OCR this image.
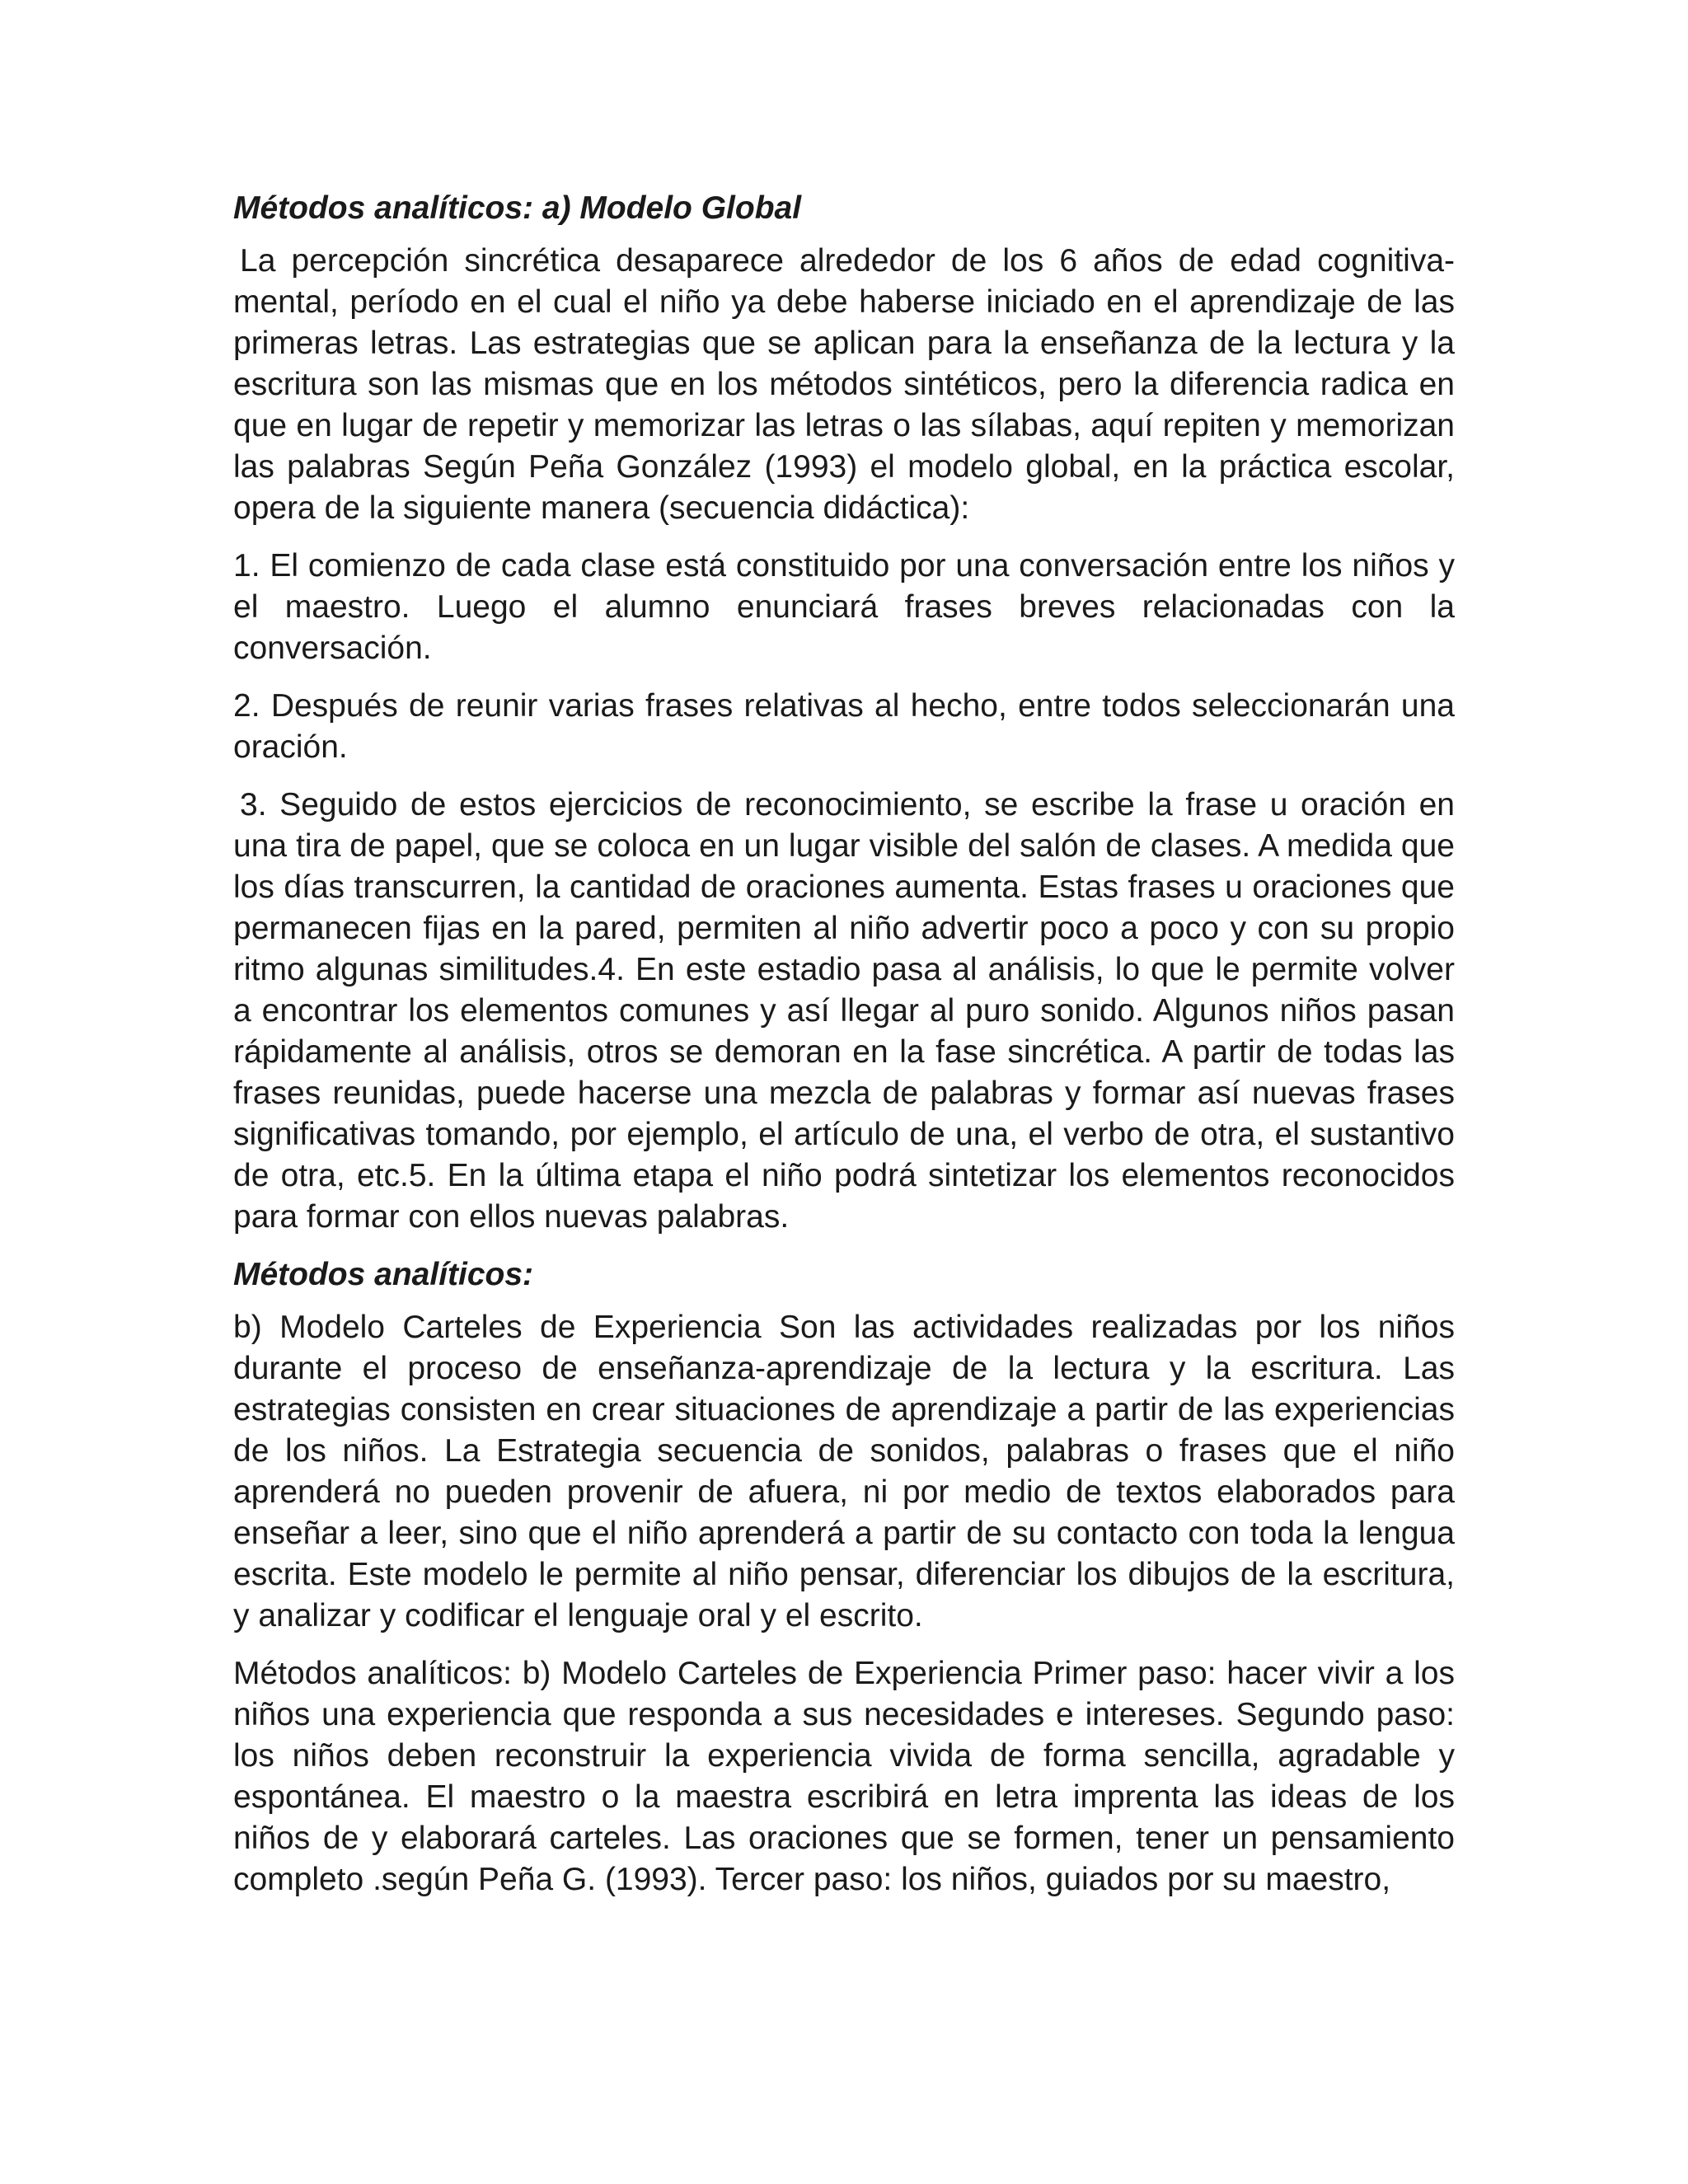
Métodos analíticos: a) Modelo Global

La percepción sincrética desaparece alrededor de los 6 años de edad cognitiva-mental, período en el cual el niño ya debe haberse iniciado en el aprendizaje de las primeras letras. Las estrategias que se aplican para la enseñanza de la lectura y la escritura son las mismas que en los métodos sintéticos, pero la diferencia radica en que en lugar de repetir y memorizar las letras o las sílabas, aquí repiten y memorizan las palabras Según Peña González (1993) el modelo global, en la práctica escolar, opera de la siguiente manera (secuencia didáctica):

1. El comienzo de cada clase está constituido por una conversación entre los niños y el maestro. Luego el alumno enunciará frases breves relacionadas con la conversación.

2. Después de reunir varias frases relativas al hecho, entre todos seleccionarán una oración.

3. Seguido de estos ejercicios de reconocimiento, se escribe la frase u oración en una tira de papel, que se coloca en un lugar visible del salón de clases. A medida que los días transcurren, la cantidad de oraciones aumenta. Estas frases u oraciones que permanecen fijas en la pared, permiten al niño advertir poco a poco y con su propio ritmo algunas similitudes.4. En este estadio pasa al análisis, lo que le permite volver a encontrar los elementos comunes y así llegar al puro sonido. Algunos niños pasan rápidamente al análisis, otros se demoran en la fase sincrética. A partir de todas las frases reunidas, puede hacerse una mezcla de palabras y formar así nuevas frases significativas tomando, por ejemplo, el artículo de una, el verbo de otra, el sustantivo de otra, etc.5. En la última etapa el niño podrá sintetizar los elementos reconocidos para formar con ellos nuevas palabras.

Métodos analíticos:

b) Modelo Carteles de Experiencia Son las actividades realizadas por los niños durante el proceso de enseñanza-aprendizaje de la lectura y la escritura. Las estrategias consisten en crear situaciones de aprendizaje a partir de las experiencias de los niños. La Estrategia secuencia de sonidos, palabras o frases que el niño aprenderá no pueden provenir de afuera, ni por medio de textos elaborados para enseñar a leer, sino que el niño aprenderá a partir de su contacto con toda la lengua escrita. Este modelo le permite al niño pensar, diferenciar los dibujos de la escritura, y analizar y codificar el lenguaje oral y el escrito.

Métodos analíticos: b) Modelo Carteles de Experiencia Primer paso: hacer vivir a los niños una experiencia que responda a sus necesidades e intereses. Segundo paso: los niños deben reconstruir la experiencia vivida de forma sencilla, agradable y espontánea. El maestro o la maestra escribirá en letra imprenta las ideas de los niños de y elaborará carteles. Las oraciones que se formen, tener un pensamiento completo .según Peña G. (1993). Tercer paso: los niños, guiados por su maestro,
